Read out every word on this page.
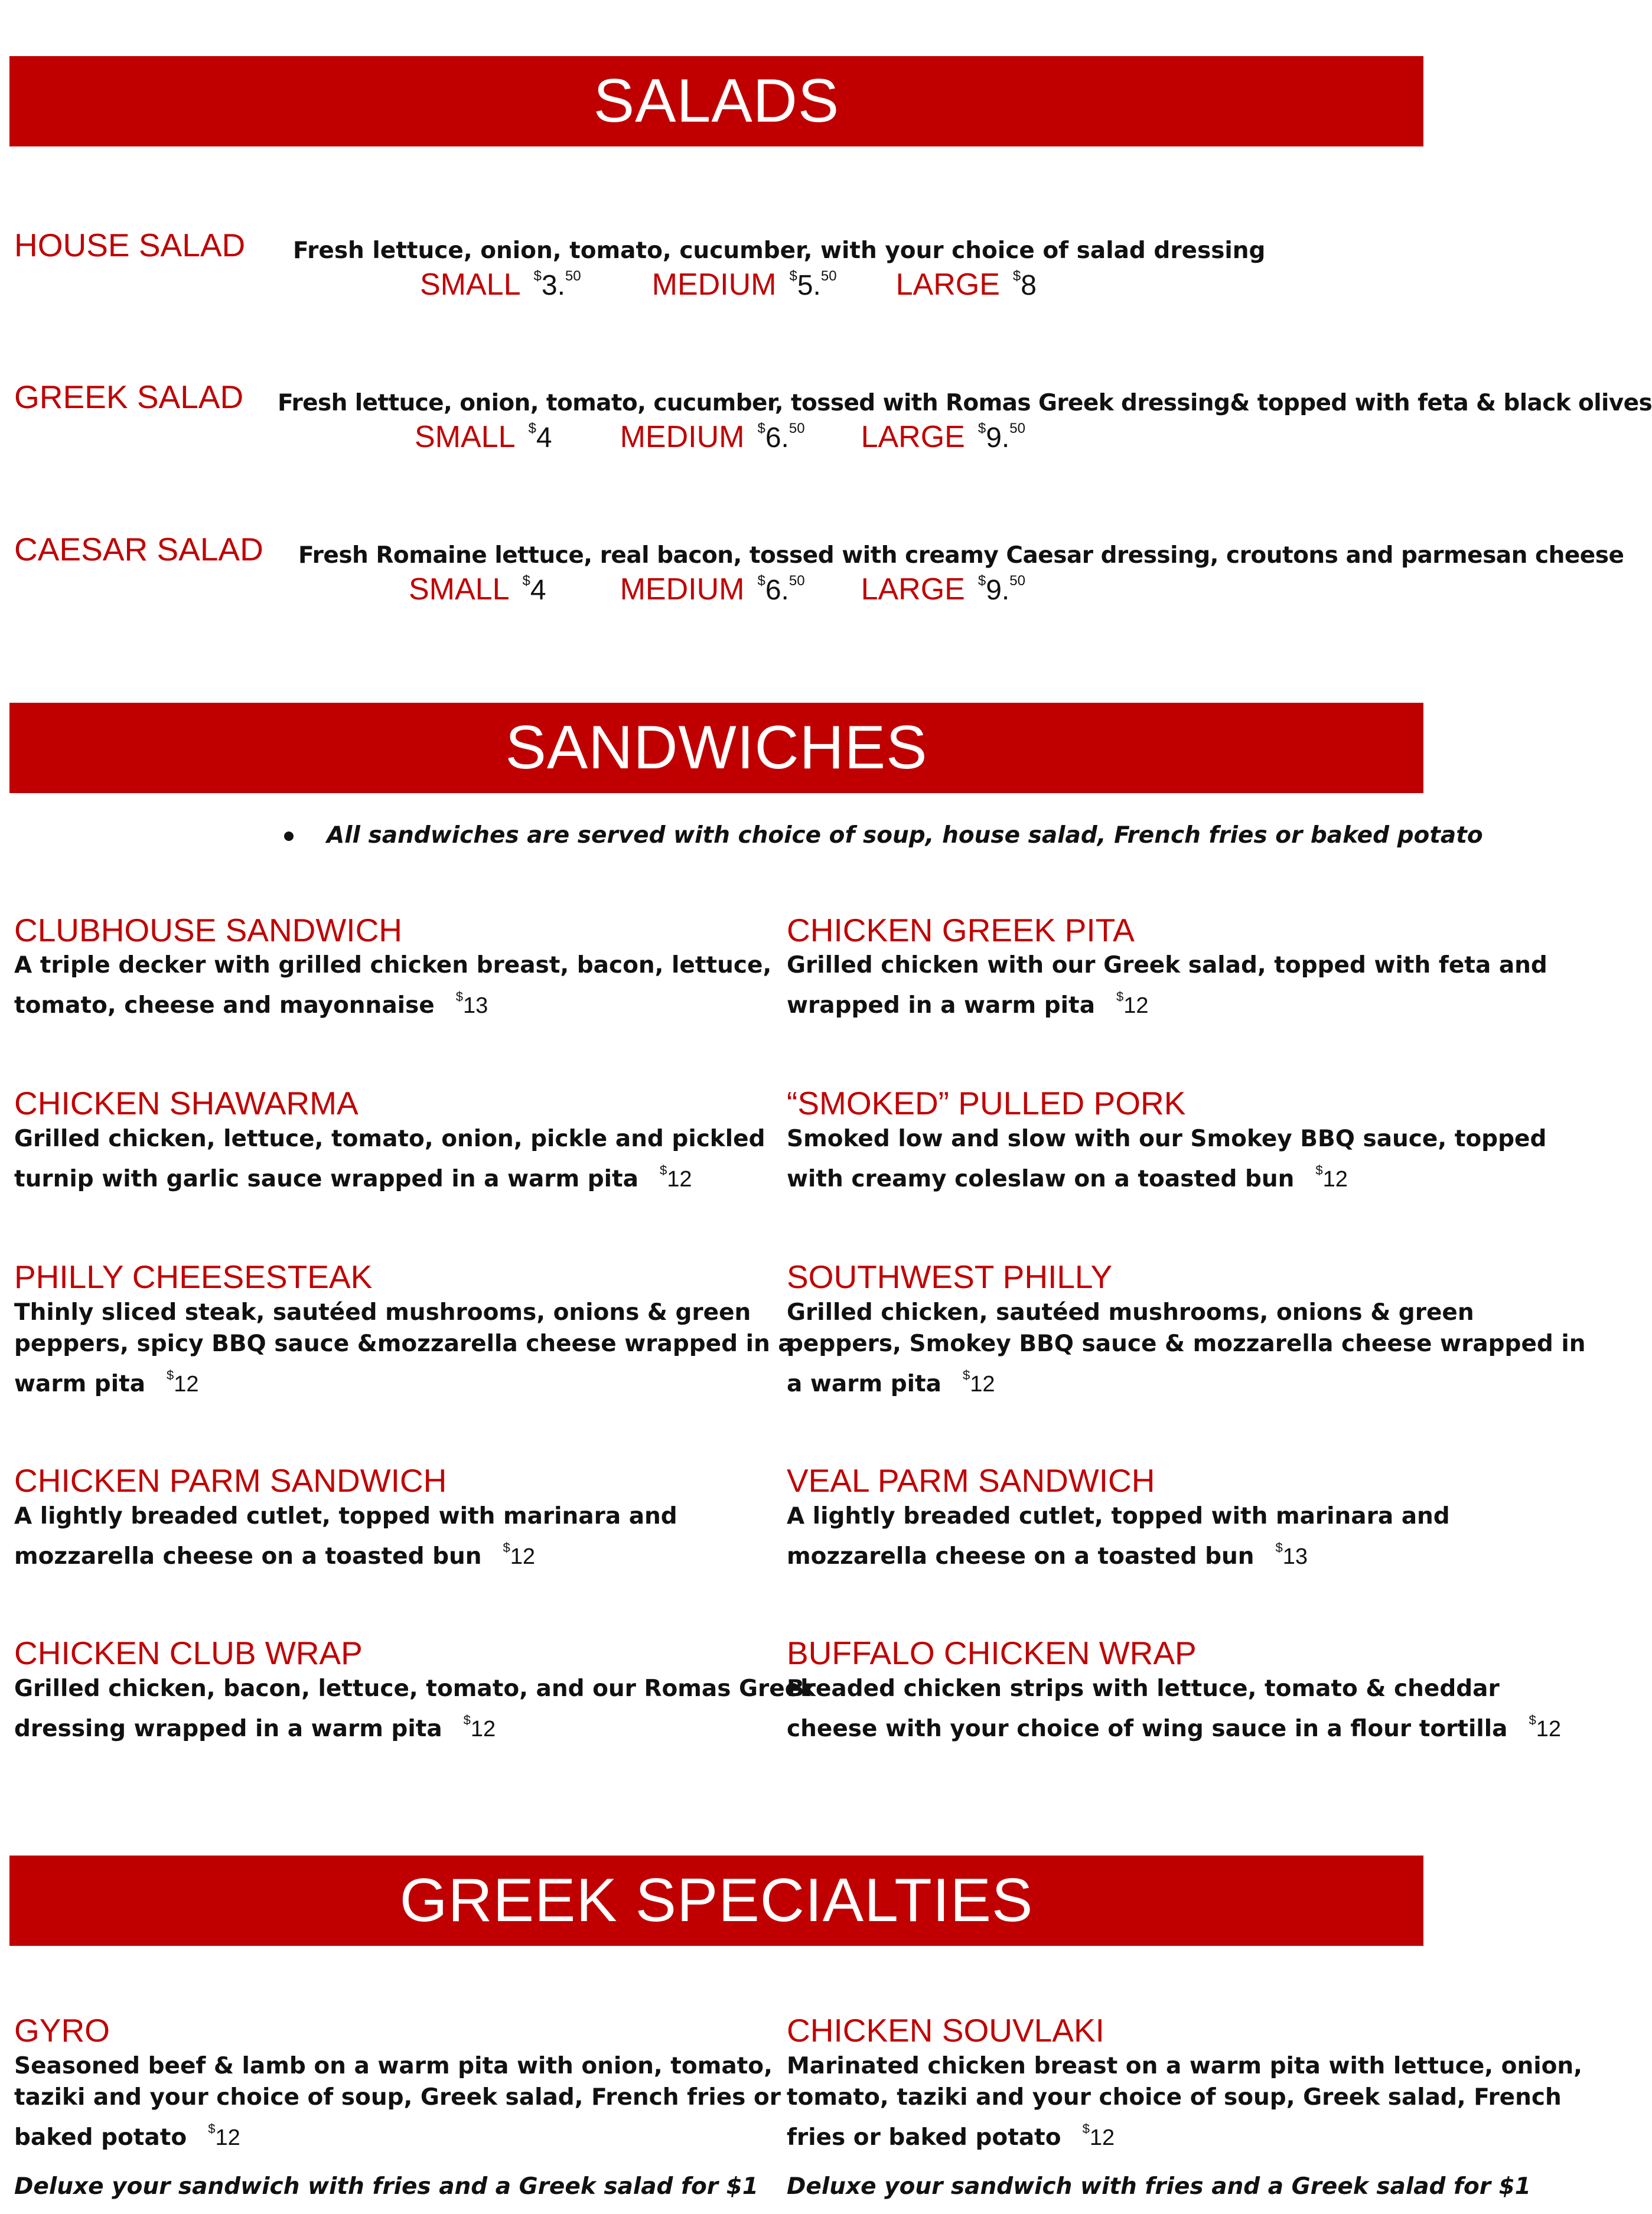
SALADS
HOUSE SALAD Fresh lettuce, onion, tomato, cucumber, with your choice of salad dressing
SMALL $3.50 MEDIUM $5.50 LARGE $8
GREEK SALAD Fresh lettuce, onion, tomato, cucumber, tossed with Romas Greek dressing& topped with feta & black olives
SMALL $4 MEDIUM $6.50 LARGE $9.50
CAESAR SALAD Fresh Romaine lettuce, real bacon, tossed with creamy Caesar dressing, croutons and parmesan cheese
SMALL $4 MEDIUM $6.50 LARGE $9.50
SANDWICHES
All sandwiches are served with choice of soup, house salad, French fries or baked potato
CLUBHOUSE SANDWICH
A triple decker with grilled chicken breast, bacon, lettuce,
tomato, cheese and mayonnaise $13
CHICKEN SHAWARMA
Grilled chicken, lettuce, tomato, onion, pickle and pickled
turnip with garlic sauce wrapped in a warm pita $12
PHILLY CHEESESTEAK
Thinly sliced steak, sautéed mushrooms, onions & green
peppers, spicy BBQ sauce &mozzarella cheese wrapped in a
warm pita $12
CHICKEN PARM SANDWICH
A lightly breaded cutlet, topped with marinara and
mozzarella cheese on a toasted bun $12
CHICKEN CLUB WRAP
Grilled chicken, bacon, lettuce, tomato, and our Romas Greek
dressing wrapped in a warm pita $12
CHICKEN GREEK PITA
Grilled chicken with our Greek salad, topped with feta and
wrapped in a warm pita $12
“SMOKED” PULLED PORK
Smoked low and slow with our Smokey BBQ sauce, topped
with creamy coleslaw on a toasted bun $12
SOUTHWEST PHILLY
Grilled chicken, sautéed mushrooms, onions & green
peppers, Smokey BBQ sauce & mozzarella cheese wrapped in
a warm pita $12
VEAL PARM SANDWICH
A lightly breaded cutlet, topped with marinara and
mozzarella cheese on a toasted bun $13
BUFFALO CHICKEN WRAP
Breaded chicken strips with lettuce, tomato & cheddar
cheese with your choice of wing sauce in a flour tortilla $12
GREEK SPECIALTIES
GYRO
Seasoned beef & lamb on a warm pita with onion, tomato,
taziki and your choice of soup, Greek salad, French fries or
baked potato $12
Deluxe your sandwich with fries and a Greek salad for $1
CHICKEN SOUVLAKI
Marinated chicken breast on a warm pita with lettuce, onion,
tomato, taziki and your choice of soup, Greek salad, French
fries or baked potato $12
Deluxe your sandwich with fries and a Greek salad for $1
